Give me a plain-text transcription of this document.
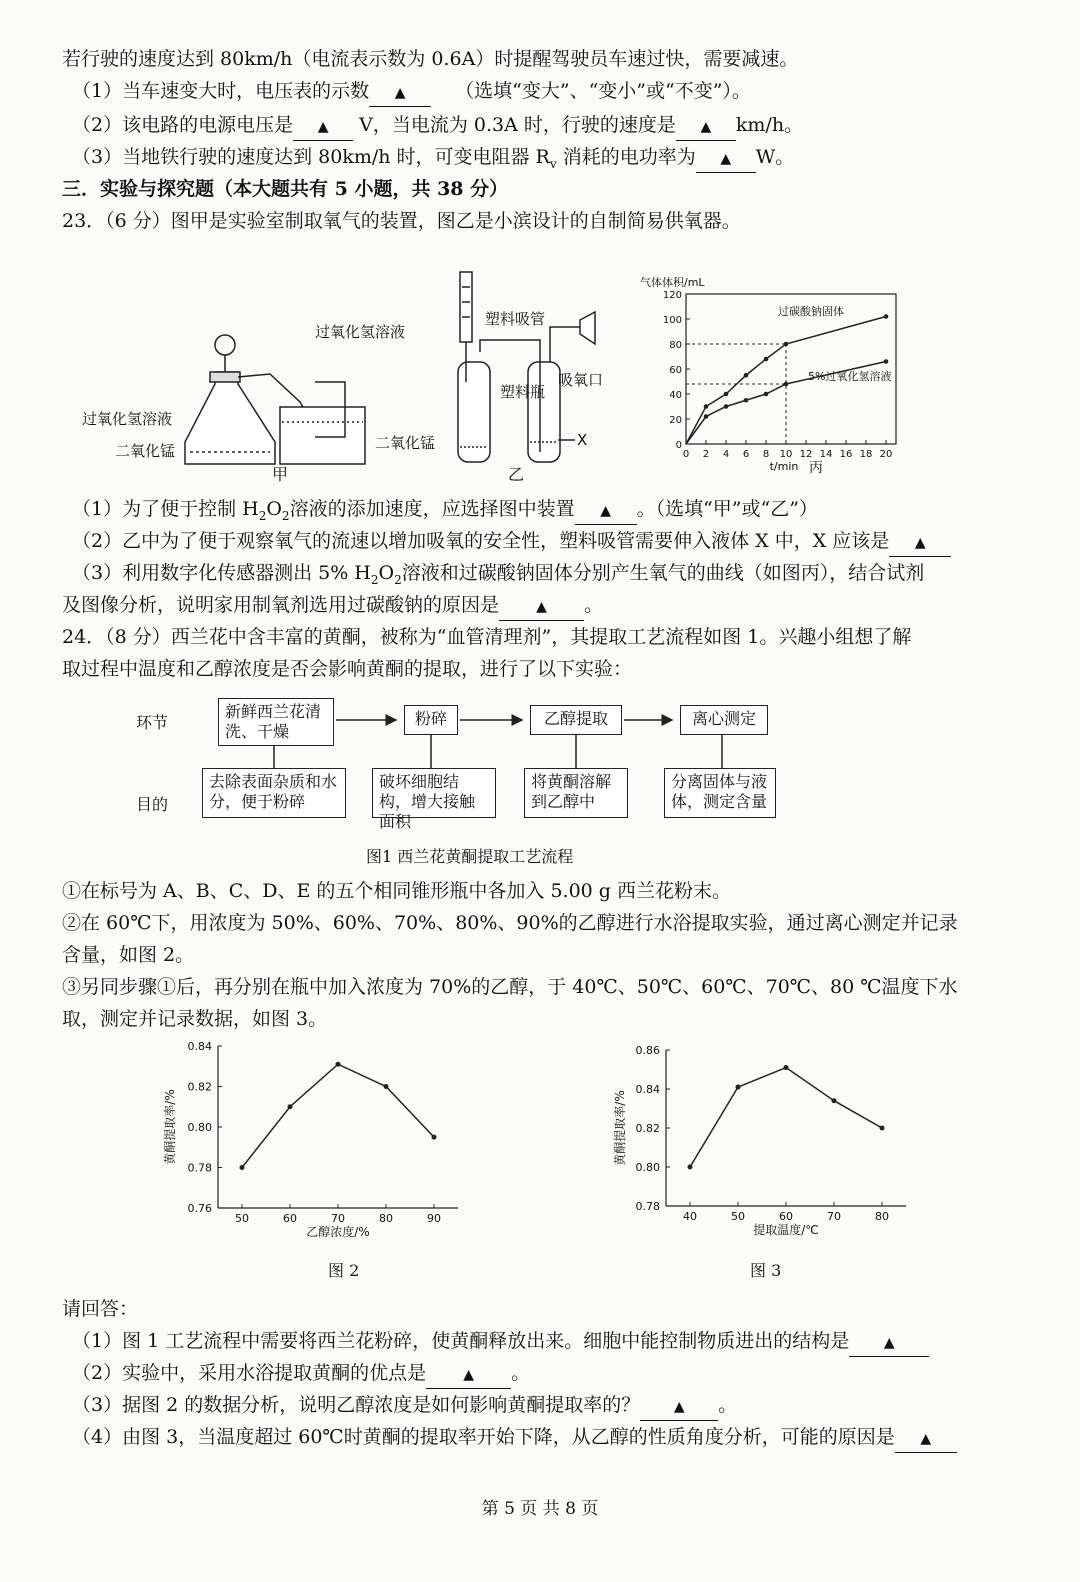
若行驶的速度达到 80km/h（电流表示数为 0.6A）时提醒驾驶员车速过快，需要减速。
（1）当车速变大时，电压表的示数 ▲	（选填“变大”、“变小”或“不变”）。
（2）该电路的电源电压是 ▲ V，当电流为 0.3A 时，行驶的速度是 ▲ km/h。
（3）当地铁行驶的速度达到 80km/h 时，可变电阻器 $R_v$ 消耗的电功率为 ▲ W。
三．实验与探究题（本大题共有 5 小题，共 38 分）
23．（6 分）图甲是实验室制取氧气的装置，图乙是小滨设计的自制简易供氧器。
过氧化氢溶液
二氧化锰
甲
过氧化氢溶液
塑料吸管
吸氧口
塑料瓶
二氧化锰	X
乙
0
20
40
60
80
100
120
0 2 4 6 8 10 12 14 16 18 20
过碳酸钠固体
5%过氧化氢溶液
气体体积/mL
t/min 丙
（1）为了便于控制 $H_2O_2$溶液的添加速度，应选择图中装置 ▲ 。（选填“甲”或“乙”）
（2）乙中为了便于观察氧气的流速以增加吸氧的安全性，塑料吸管需要伸入液体 X 中，X 应该是 ▲
（3）利用数字化传感器测出 5% $H_2O_2$溶液和过碳酸钠固体分别产生氧气的曲线（如图丙），结合试剂
及图像分析，说明家用制氧剂选用过碳酸钠的原因是	▲ 。
24．（8 分）西兰花中含丰富的黄酮，被称为“血管清理剂”，其提取工艺流程如图 1。兴趣小组想了解
取过程中温度和乙醇浓度是否会影响黄酮的提取，进行了以下实验：
环节
目的
新鲜西兰花清洗、干燥
粉碎	乙醇提取	离心测定
去除表面杂质和水分，便于粉碎
破坏细胞结构，增大接触面积
将黄酮溶解到乙醇中
分离固体与液体，测定含量
图1 西兰花黄酮提取工艺流程
①在标号为 A、B、C、D、E 的五个相同锥形瓶中各加入 5.00 g 西兰花粉末。
②在 60℃下，用浓度为 50%、60%、70%、80%、90%的乙醇进行水浴提取实验，通过离心测定并记录
含量，如图 2。
③另同步骤①后，再分别在瓶中加入浓度为 70%的乙醇，于 40℃、50℃、60℃、70℃、80 ℃温度下水
取，测定并记录数据，如图 3。
0.76
0.78
0.80
0.82
0.84
50	60	70	80	90
乙醇浓度/%
黄酮提取率/%
图 2
0.78
0.80
0.82
0.84
0.86
40	50	60	70	80
提取温度/℃
黄酮提取率/%
图 3
请回答：
（1）图 1 工艺流程中需要将西兰花粉碎，使黄酮释放出来。细胞中能控制物质进出的结构是 ▲
（2）实验中，采用水浴提取黄酮的优点是	▲ 。
（3）据图 2 的数据分析，说明乙醇浓度是如何影响黄酮提取率的？ ▲ 。
（4）由图 3，当温度超过 60℃时黄酮的提取率开始下降，从乙醇的性质角度分析，可能的原因是 ▲
第 5 页 共 8 页
